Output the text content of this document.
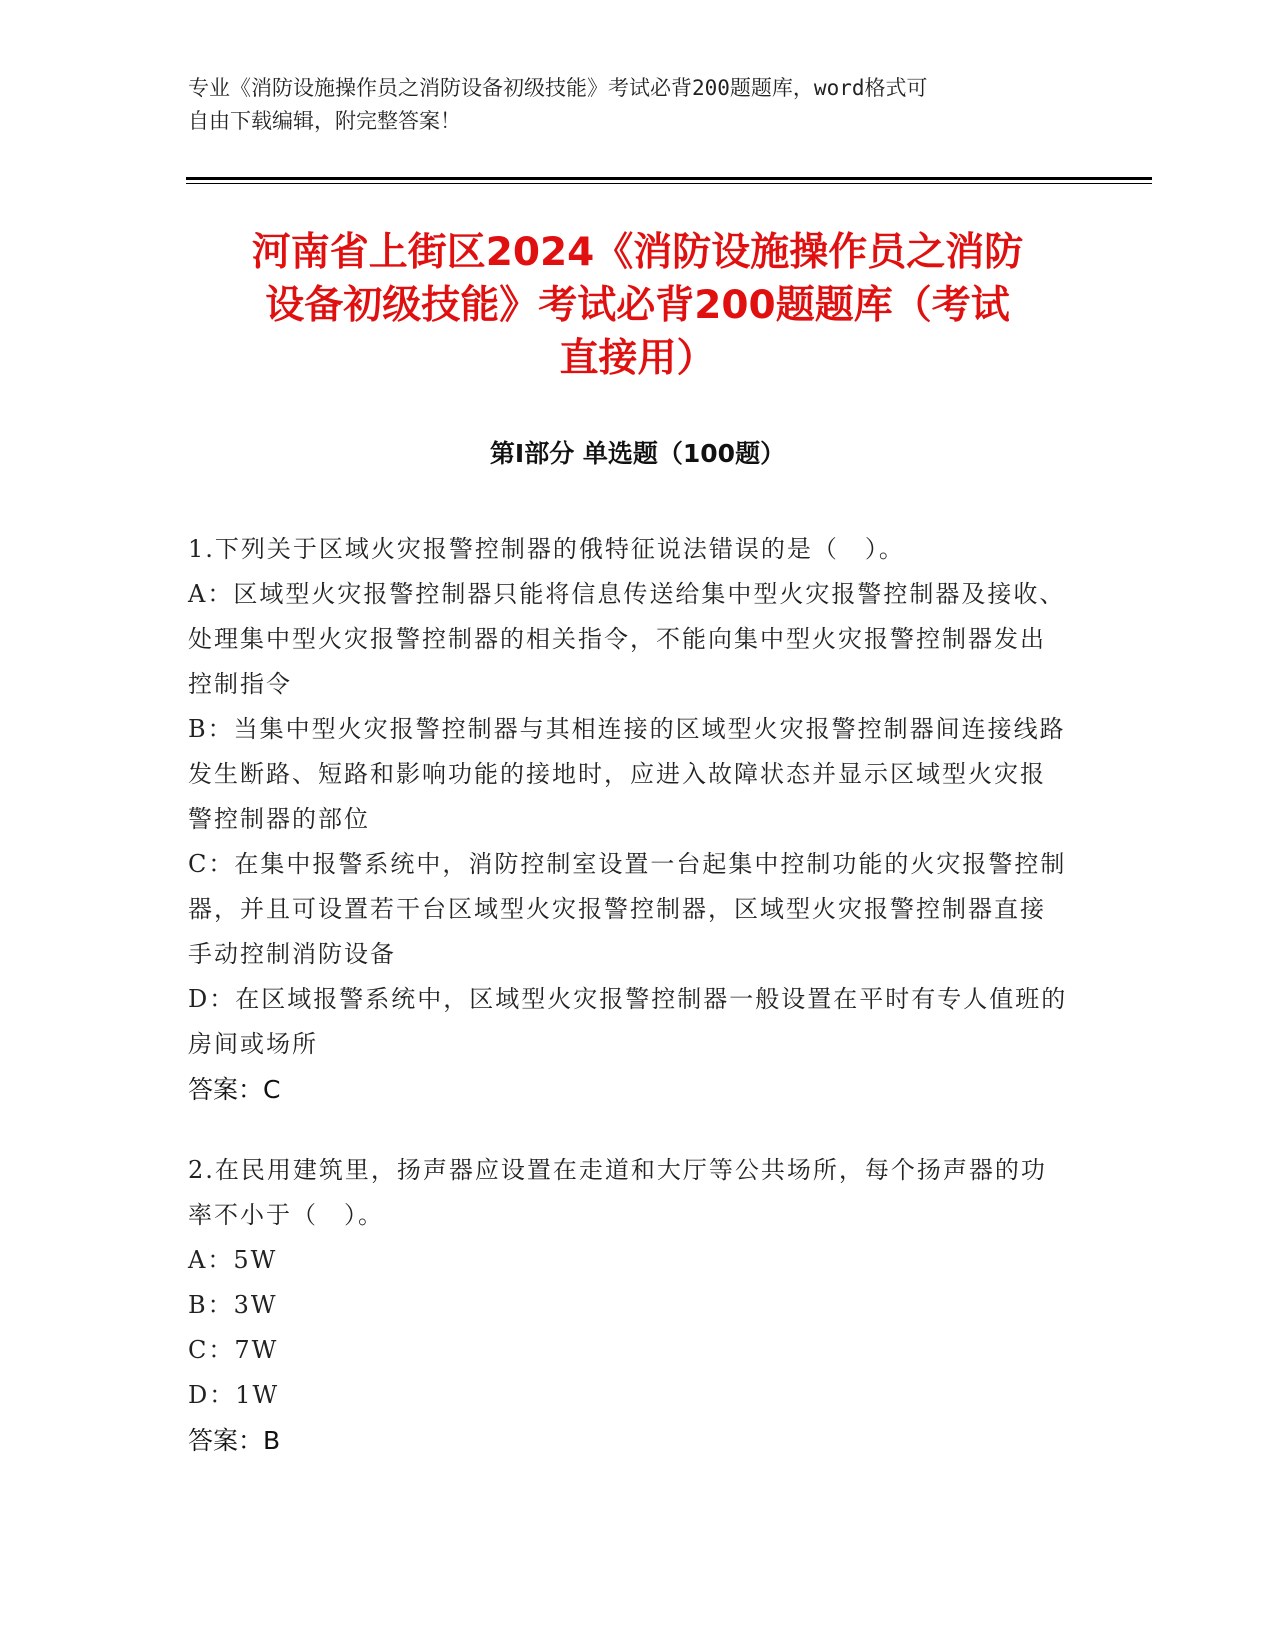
专业《消防设施操作员之消防设备初级技能》考试必背200题题库，word格式可
自由下载编辑，附完整答案！

河南省上街区2024《消防设施操作员之消防
设备初级技能》考试必背200题题库（考试
直接用）
第Ⅰ部分 单选题（100题）

1.下列关于区域火灾报警控制器的俄特征说法错误的是（　）。

A：区域型火灾报警控制器只能将信息传送给集中型火灾报警控制器及接收、处理集中型火灾报警控制器的相关指令，不能向集中型火灾报警控制器发出控制指令

B：当集中型火灾报警控制器与其相连接的区域型火灾报警控制器间连接线路发生断路、短路和影响功能的接地时，应进入故障状态并显示区域型火灾报警控制器的部位

C：在集中报警系统中，消防控制室设置一台起集中控制功能的火灾报警控制器，并且可设置若干台区域型火灾报警控制器，区域型火灾报警控制器直接手动控制消防设备

D：在区域报警系统中，区域型火灾报警控制器一般设置在平时有专人值班的房间或场所

答案：C

2.在民用建筑里，扬声器应设置在走道和大厅等公共场所，每个扬声器的功率不小于（　）。

A：5W

B：3W

C：7W

D：1W

答案：B
